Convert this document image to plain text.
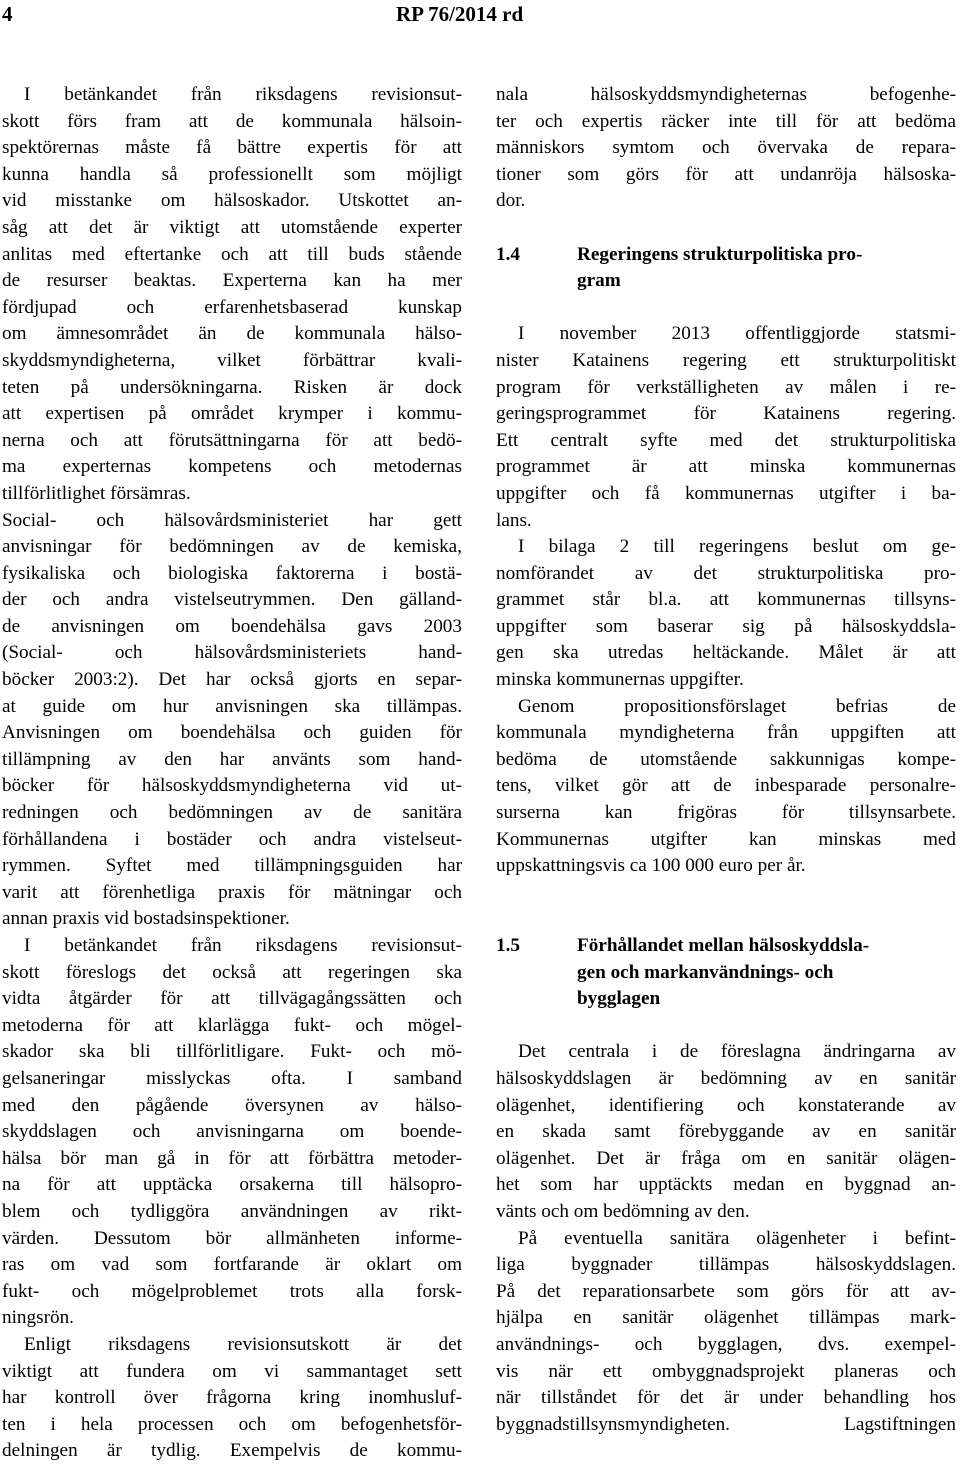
4	RP 76/2014 rd
I betänkandet från riksdagens revisionsut-
skott förs fram att de kommunala hälsoin-
spektörernas måste få bättre expertis för att
kunna handla så professionellt som möjligt
vid misstanke om hälsoskador. Utskottet an-
såg att det är viktigt att utomstående experter
anlitas med eftertanke och att till buds stående
de resurser beaktas. Experterna kan ha mer
fördjupad och erfarenhetsbaserad kunskap
om ämnesområdet än de kommunala hälso-
skyddsmyndigheterna, vilket förbättrar kvali-
teten på undersökningarna. Risken är dock
att expertisen på området krymper i kommu-
nerna och att förutsättningarna för att bedö-
ma experternas kompetens och metodernas
tillförlitlighet försämras.
Social- och hälsovårdsministeriet har gett
anvisningar för bedömningen av de kemiska,
fysikaliska och biologiska faktorerna i bostä-
der och andra vistelseutrymmen. Den gälland-
de anvisningen om boendehälsa gavs 2003
(Social- och hälsovårdsministeriets hand-
böcker 2003:2). Det har också gjorts en separ-
at guide om hur anvisningen ska tillämpas.
Anvisningen om boendehälsa och guiden för
tillämpning av den har använts som hand-
böcker för hälsoskyddsmyndigheterna vid ut-
redningen och bedömningen av de sanitära
förhållandena i bostäder och andra vistelseut-
rymmen. Syftet med tillämpningsguiden har
varit att förenhetliga praxis för mätningar och
annan praxis vid bostadsinspektioner.
I betänkandet från riksdagens revisionsut-
skott föreslogs det också att regeringen ska
vidta åtgärder för att tillvägagångssätten och
metoderna för att klarlägga fukt- och mögel-
skador ska bli tillförlitligare. Fukt- och mö-
gelsaneringar misslyckas ofta. I samband
med den pågående översynen av hälso-
skyddslagen och anvisningarna om boende-
hälsa bör man gå in för att förbättra metoder-
na för att upptäcka orsakerna till hälsopro-
blem och tydliggöra användningen av rikt-
värden. Dessutom bör allmänheten informe-
ras om vad som fortfarande är oklart om
fukt- och mögelproblemet trots alla forsk-
ningsrön.
Enligt riksdagens revisionsutskott är det
viktigt att fundera om vi sammantaget sett
har kontroll över frågorna kring inomhusluf-
ten i hela processen och om befogenhetsför-
delningen är tydlig. Exempelvis de kommu-
nala hälsoskyddsmyndigheternas befogenhe-
ter och expertis räcker inte till för att bedöma
människors symtom och övervaka de repara-
tioner som görs för att undanröja hälsoska-
dor.
1.4	Regeringens strukturpolitiska pro-
gram
I november 2013 offentliggjorde statsmi-
nister Katainens regering ett strukturpolitiskt
program för verkställigheten av målen i re-
geringsprogrammet för Katainens regering.
Ett centralt syfte med det strukturpolitiska
programmet är att minska kommunernas
uppgifter och få kommunernas utgifter i ba-
lans.
I bilaga 2 till regeringens beslut om ge-
nomförandet av det strukturpolitiska pro-
grammet står bl.a. att kommunernas tillsyns-
uppgifter som baserar sig på hälsoskyddsla-
gen ska utredas heltäckande. Målet är att
minska kommunernas uppgifter.
Genom propositionsförslaget befrias de
kommunala myndigheterna från uppgiften att
bedöma de utomstående sakkunnigas kompe-
tens, vilket gör att de inbesparade personalre-
surserna kan frigöras för tillsynsarbete.
Kommunernas utgifter kan minskas med
uppskattningsvis ca 100 000 euro per år.
1.5	Förhållandet mellan hälsoskyddsla-
gen och markanvändnings- och
bygglagen
Det centrala i de föreslagna ändringarna av
hälsoskyddslagen är bedömning av en sanitär
olägenhet, identifiering och konstaterande av
en skada samt förebyggande av en sanitär
olägenhet. Det är fråga om en sanitär olägen-
het som har upptäckts medan en byggnad an-
vänts och om bedömning av den.
På eventuella sanitära olägenheter i befint-
liga byggnader tillämpas hälsoskyddslagen.
På det reparationsarbete som görs för att av-
hjälpa en sanitär olägenhet tillämpas mark-
användnings- och bygglagen, dvs. exempel-
vis när ett ombyggnadsprojekt planeras och
när tillståndet för det är under behandling hos
byggnadstillsynsmyndigheten. Lagstiftningen
